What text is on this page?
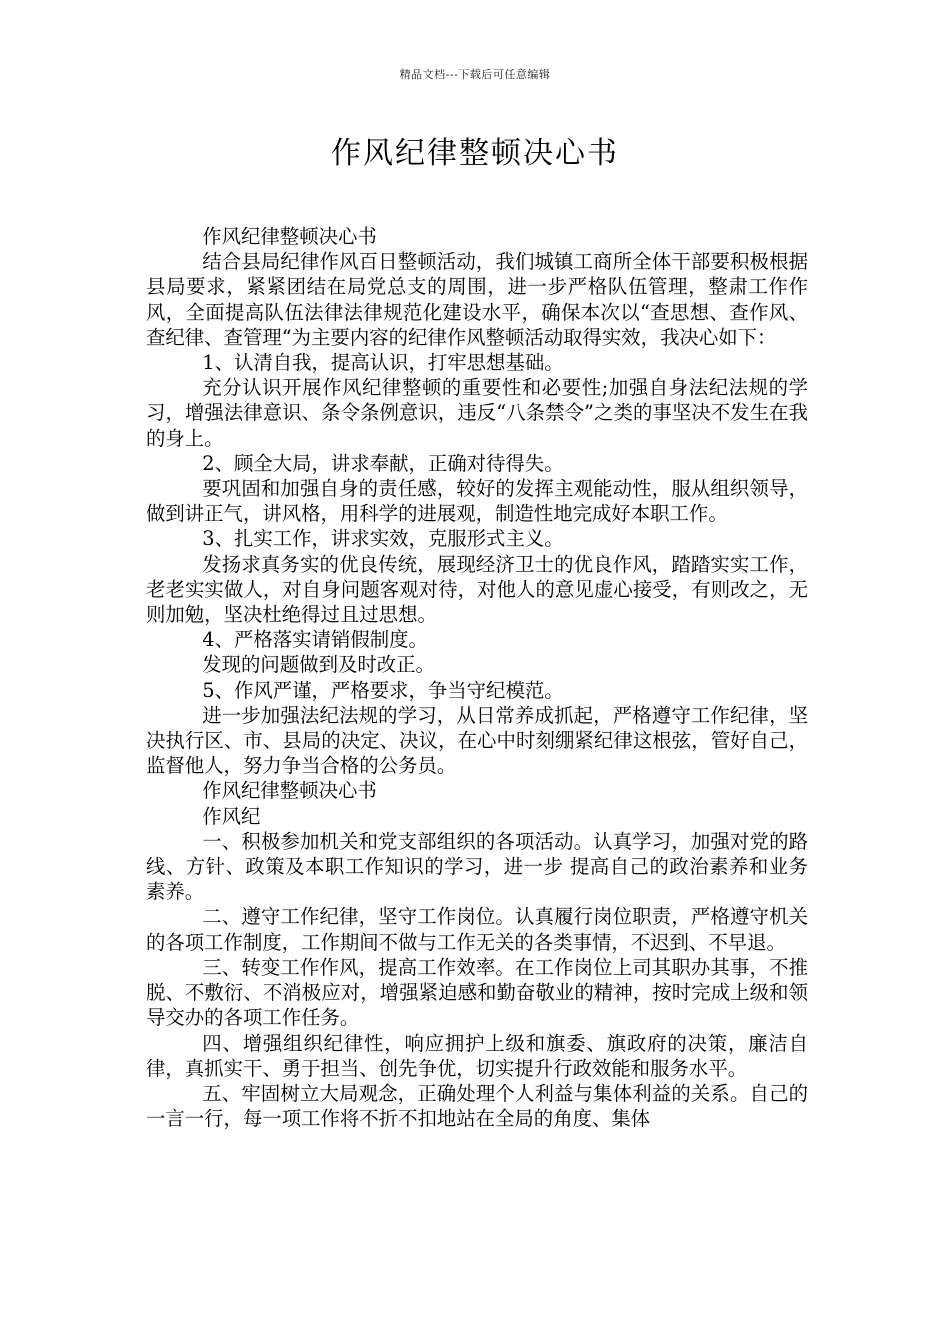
精品文档---下载后可任意编辑
作风纪律整顿决心书

作风纪律整顿决心书

结合县局纪律作风百日整顿活动，我们城镇工商所全体干部要积极根据县局要求，紧紧团结在局党总支的周围，进一步严格队伍管理，整肃工作作风，全面提高队伍法律法律规范化建设水平，确保本次以“查思想、查作风、查纪律、查管理“为主要内容的纪律作风整顿活动取得实效，我决心如下：

1、认清自我，提高认识，打牢思想基础。

充分认识开展作风纪律整顿的重要性和必要性;加强自身法纪法规的学习，增强法律意识、条令条例意识，违反“八条禁令”之类的事坚决不发生在我的身上。

2、顾全大局，讲求奉献，正确对待得失。

要巩固和加强自身的责任感，较好的发挥主观能动性，服从组织领导，做到讲正气，讲风格，用科学的进展观，制造性地完成好本职工作。

3、扎实工作，讲求实效，克服形式主义。

发扬求真务实的优良传统，展现经济卫士的优良作风，踏踏实实工作，老老实实做人，对自身问题客观对待，对他人的意见虚心接受，有则改之，无则加勉，坚决杜绝得过且过思想。

4、严格落实请销假制度。

发现的问题做到及时改正。

5、作风严谨，严格要求，争当守纪模范。

进一步加强法纪法规的学习，从日常养成抓起，严格遵守工作纪律，坚决执行区、市、县局的决定、决议，在心中时刻绷紧纪律这根弦，管好自己，监督他人，努力争当合格的公务员。

作风纪律整顿决心书

作风纪

一、积极参加机关和党支部组织的各项活动。认真学习，加强对党的路线、方针、政策及本职工作知识的学习，进一步 提高自己的政治素养和业务素养。

二、遵守工作纪律，坚守工作岗位。认真履行岗位职责，严格遵守机关的各项工作制度，工作期间不做与工作无关的各类事情，不迟到、不早退。

三、转变工作作风，提高工作效率。在工作岗位上司其职办其事，不推脱、不敷衍、不消极应对，增强紧迫感和勤奋敬业的精神，按时完成上级和领导交办的各项工作任务。

四、增强组织纪律性，响应拥护上级和旗委、旗政府的决策，廉洁自律，真抓实干、勇于担当、创先争优，切实提升行政效能和服务水平。

五、牢固树立大局观念，正确处理个人利益与集体利益的关系。自己的一言一行，每一项工作将不折不扣地站在全局的角度、集体
